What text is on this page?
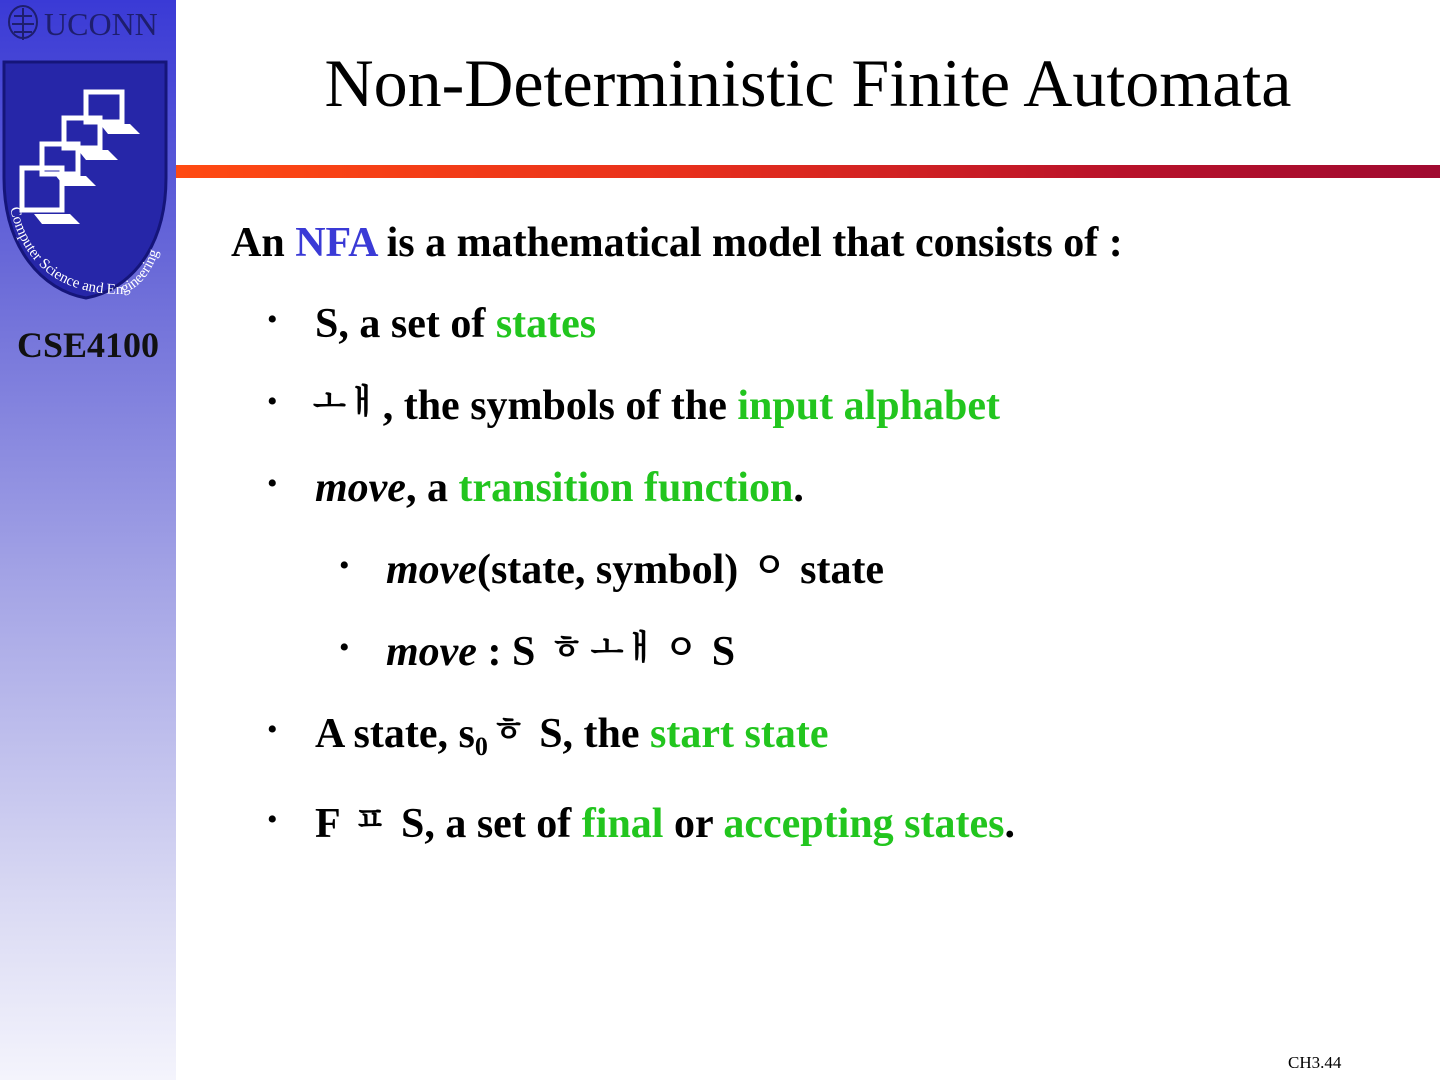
UCONN
Computer Science and Engineering
CSE4100
Non-Deterministic Finite Automata
An NFA is a mathematical model that consists of :
• S, a set of states
• ㅗㅐ, the symbols of the input alphabet
• move, a transition function.
• move(state, symbol) ㅇ state
• move : S ㅎ ㅗㅐ ㅇ S
• A state, $s_0$ ㅎ S, the start state
• F ㅍ S, a set of final or accepting states.
CH3.44
